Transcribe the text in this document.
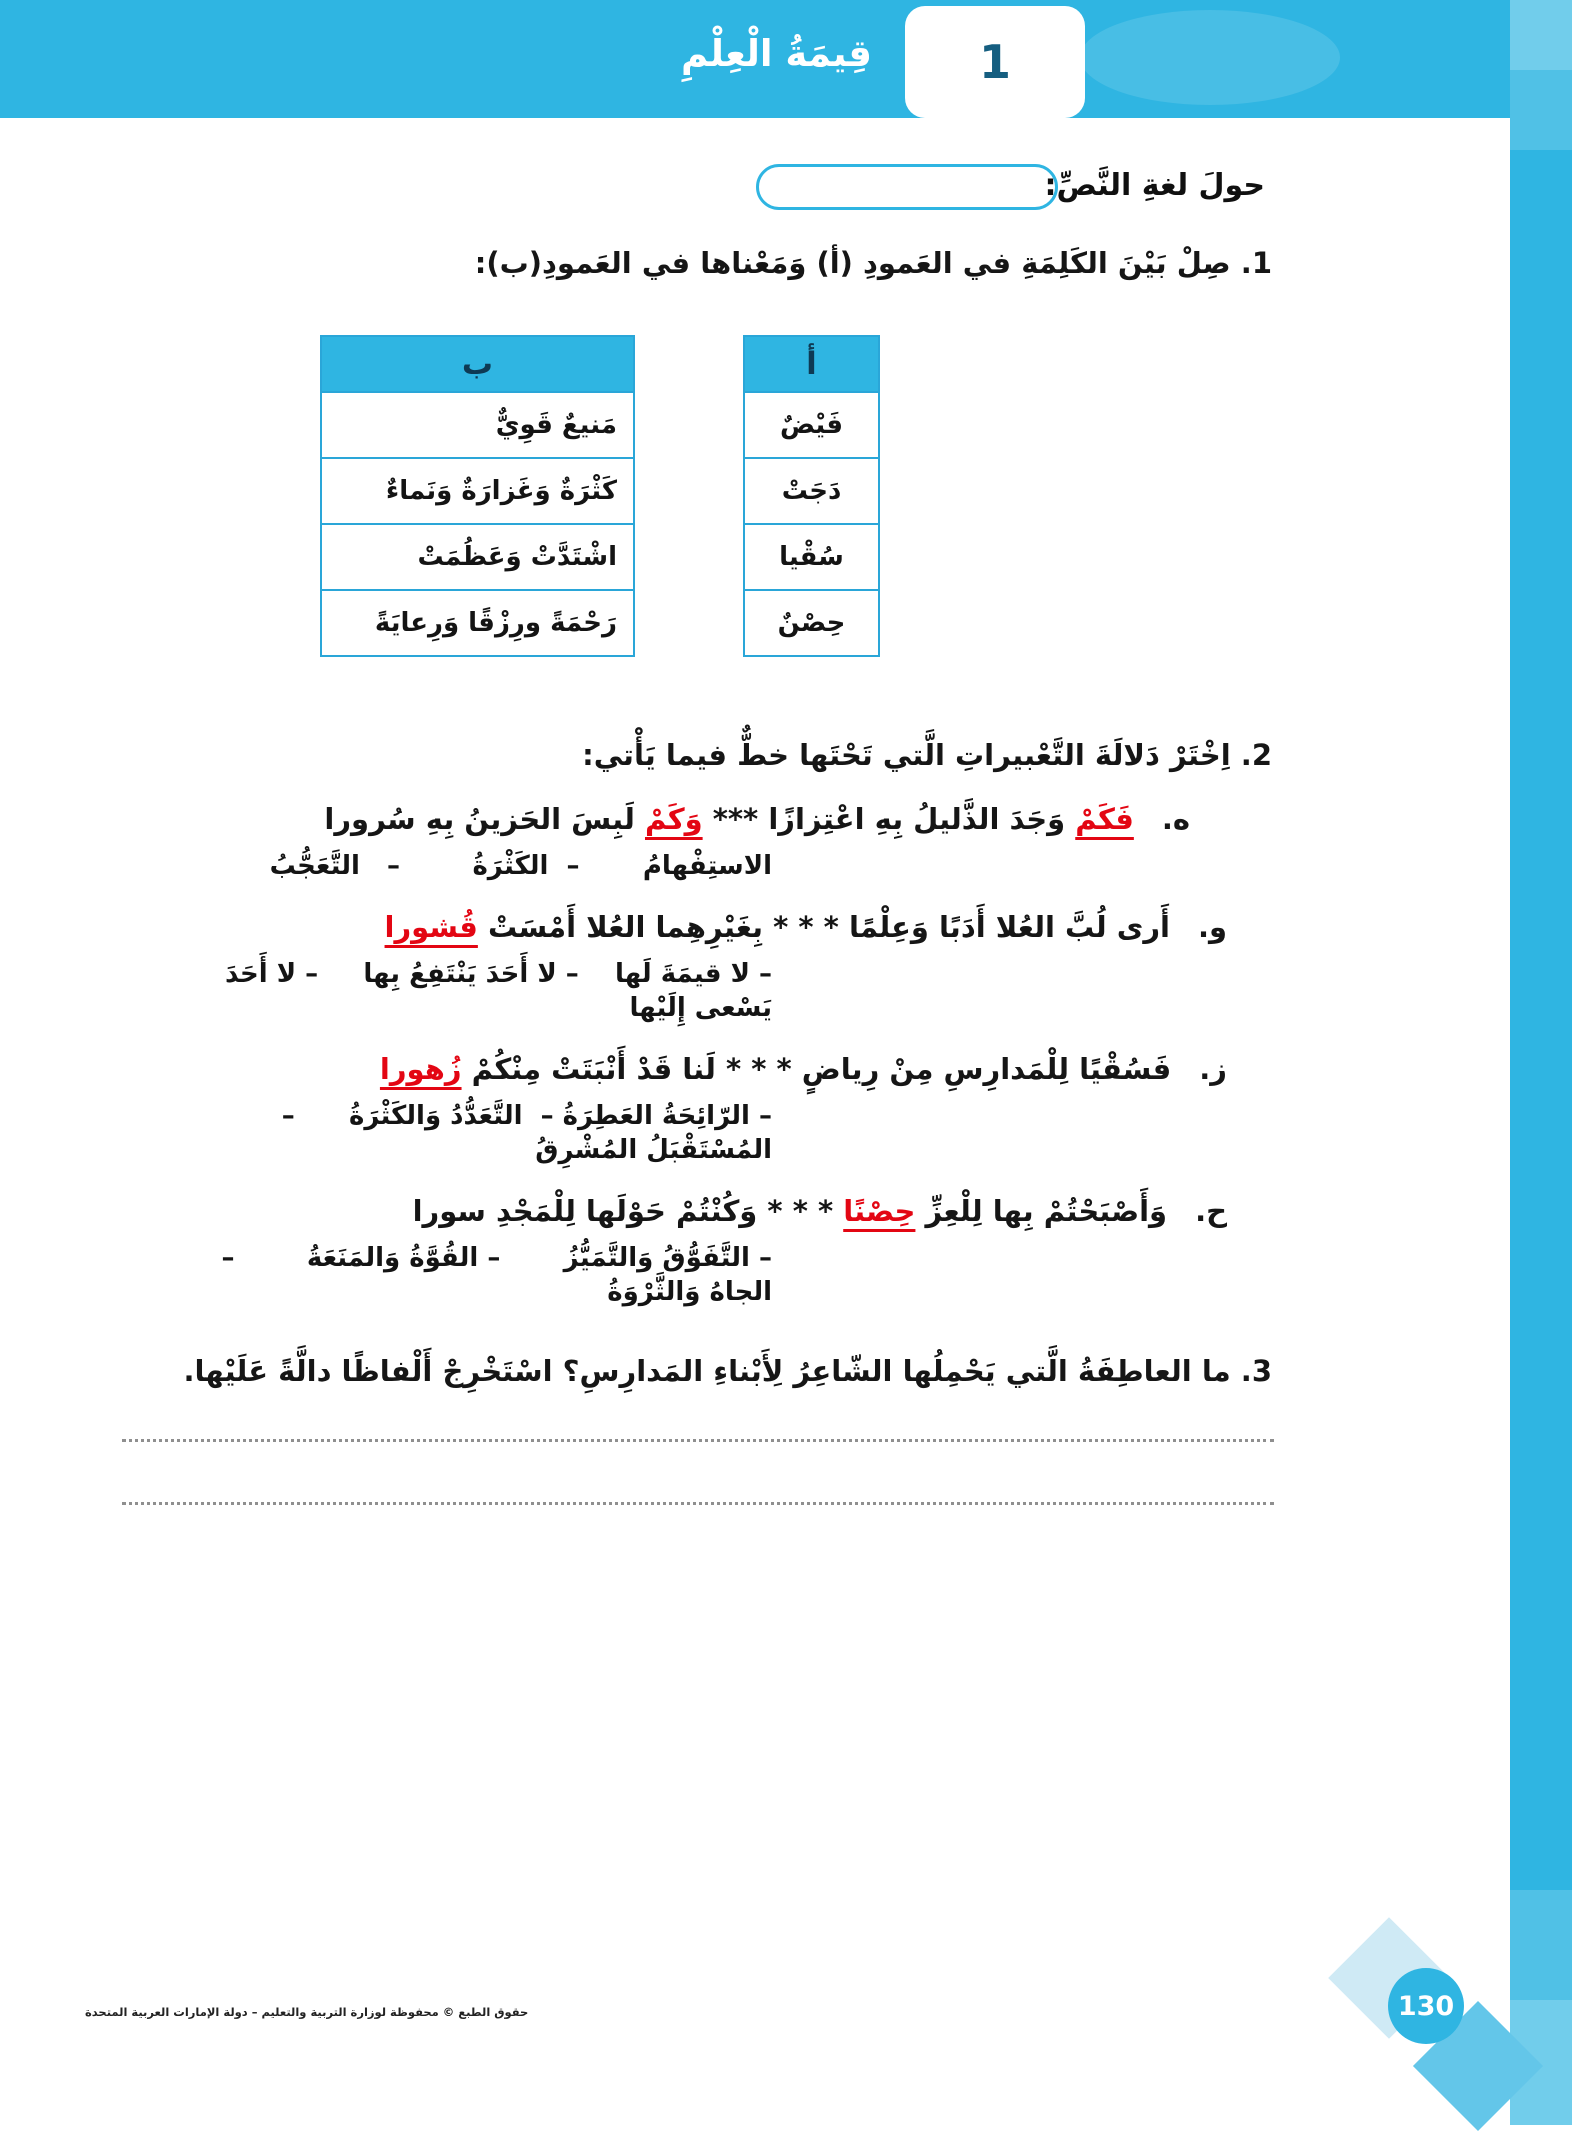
1
قِيمَةُ الْعِلْمِ
حولَ لغةِ النَّصِّ:
1. صِلْ بَيْنَ الكَلِمَةِ في العَمودِ (أ) وَمَعْناها في العَمودِ(ب):
أ
فَيْضٌ
دَجَتْ
سُقْيا
حِصْنٌ
ب
مَنيعٌ قَوِيٌّ
كَثْرَةٌ وَغَزارَةٌ وَنَماءٌ
اشْتَدَّتْ وَعَظُمَتْ
رَحْمَةً ورِزْقًا وَرِعايَةً
2. اِخْتَرْ دَلالَةَ التَّعْبيراتِ الَّتي تَحْتَها خطٌّ فيما يَأْتي:
ه.فَكَمْ وَجَدَ الذَّليلُ بِهِ اعْتِزازًا *** وَكَمْ لَبِسَ الحَزينُ بِهِ سُرورا
الاستِفْهامُ       –  الكَثْرَةُ        –   التَّعَجُّبُ
و.أَرى لُبَّ العُلا أَدَبًا وَعِلْمًا * * * بِغَيْرِهِما العُلا أَمْسَتْ قُشورا
– لا قيمَةَ لَها    – لا أَحَدَ يَنْتَفِعُ بِها     – لا أَحَدَ يَسْعى إِلَيْها
ز.فَسُقْيًا لِلْمَدارِسِ مِنْ رِياضٍ * * * لَنا قَدْ أَنْبَتَتْ مِنْكُمْ زُهورا
– الرّائِحَةُ العَطِرَةُ –  التَّعَدُّدُ وَالكَثْرَةُ      – المُسْتَقْبَلُ المُشْرِقُ
ح.وَأَصْبَحْتُمْ بِها لِلْعِزِّ حِصْنًا * * * وَكُنْتُمْ حَوْلَها لِلْمَجْدِ سورا
– التَّفَوُّقُ وَالتَّمَيُّزُ       – القُوَّةُ وَالمَنَعَةُ        – الجاهُ وَالثَّرْوَةُ
3. ما العاطِفَةُ الَّتي يَحْمِلُها الشّاعِرُ لِأَبْناءِ المَدارِسِ؟ اسْتَخْرِجْ أَلْفاظًا دالَّةً عَلَيْها.
حقوق الطبع © محفوظة لوزارة التربية والتعليم – دولة الإمارات العربية المتحدة	130
